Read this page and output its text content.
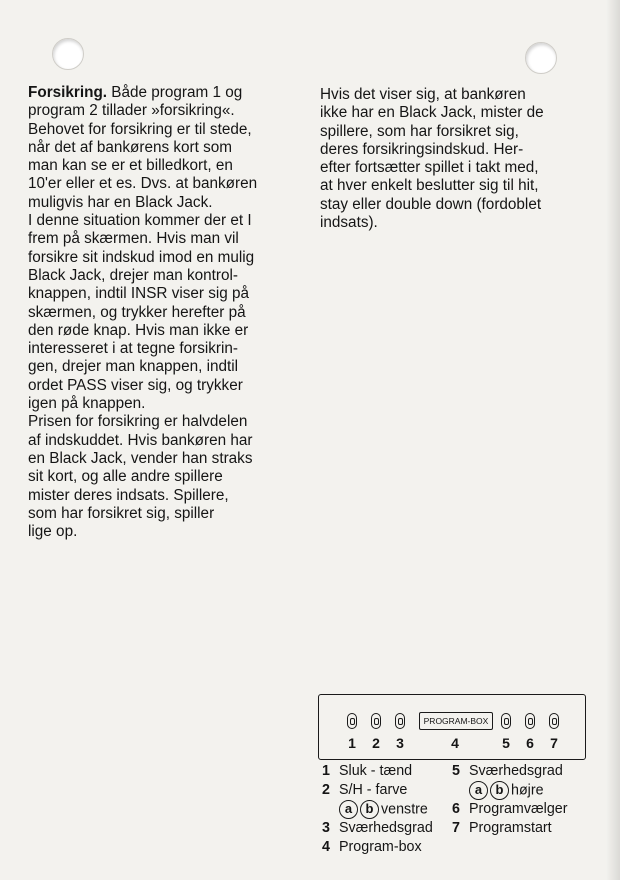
Forsikring. Både program 1 og
program 2 tillader »forsikring«.
Behovet for forsikring er til stede,
når det af bankørens kort som
man kan se er et billedkort, en
10'er eller et es. Dvs. at bankøren
muligvis har en Black Jack.
I denne situation kommer der et I
frem på skærmen. Hvis man vil
forsikre sit indskud imod en mulig
Black Jack, drejer man kontrol-
knappen, indtil INSR viser sig på
skærmen, og trykker herefter på
den røde knap. Hvis man ikke er
interesseret i at tegne forsikrin-
gen, drejer man knappen, indtil
ordet PASS viser sig, og trykker
igen på knappen.
Prisen for forsikring er halvdelen
af indskuddet. Hvis bankøren har
en Black Jack, vender han straks
sit kort, og alle andre spillere
mister deres indsats. Spillere,
som har forsikret sig, spiller
lige op.
Hvis det viser sig, at bankøren
ikke har en Black Jack, mister de
spillere, som har forsikret sig,
deres forsikringsindskud. Her-
efter fortsætter spillet i takt med,
at hver enkelt beslutter sig til hit,
stay eller double down (fordoblet
indsats).
PROGRAM-BOX
1	2	3	4	5	6	7
1 Sluk - tænd
2 S/H - farve
a	b venstre
3 Sværhedsgrad
4 Program-box
5 Sværhedsgrad
a	b højre
6 Programvælger
7 Programstart
